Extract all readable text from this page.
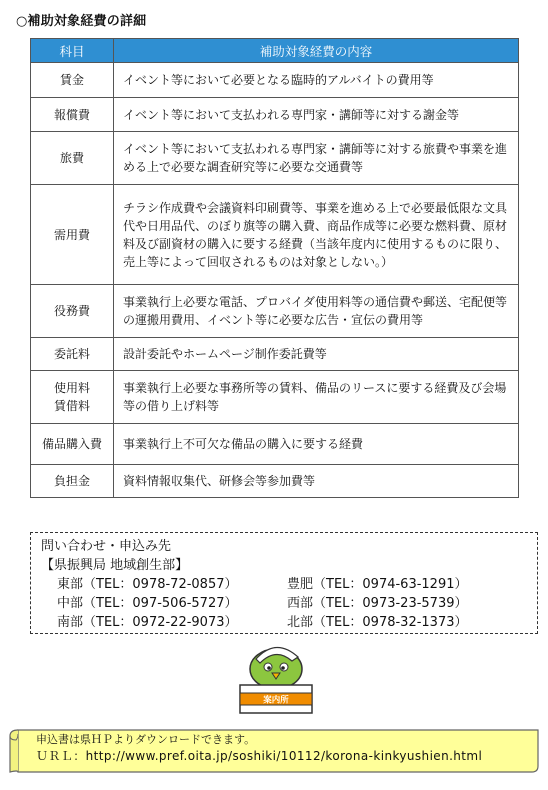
○補助対象経費の詳細
科目	補助対象経費の内容
賃金	イベント等において必要となる臨時的アルバイトの費用等
報償費	イベント等において支払われる専門家・講師等に対する謝金等
旅費	イベント等において支払われる専門家・講師等に対する旅費や事業を進める上で必要な調査研究等に必要な交通費等
需用費	チラシ作成費や会議資料印刷費等、事業を進める上で必要最低限な文具代や日用品代、のぼり旗等の購入費、商品作成等に必要な燃料費、原材料及び副資材の購入に要する経費（当該年度内に使用するものに限り、売上等によって回収されるものは対象としない。）
役務費	事業執行上必要な電話、プロバイダ使用料等の通信費や郵送、宅配便等の運搬用費用、イベント等に必要な広告・宣伝の費用等
委託料	設計委託やホームページ制作委託費等
使用料
賃借料	事業執行上必要な事務所等の賃料、備品のリースに要する経費及び会場等の借り上げ料等
備品購入費	事業執行上不可欠な備品の購入に要する経費
負担金	資料情報収集代、研修会等参加費等
問い合わせ・申込み先
【県振興局 地域創生部】
東部（TEL：0978-72-0857）	豊肥（TEL：0974-63-1291）
中部（TEL：097-506-5727）	西部（TEL：0973-23-5739）
南部（TEL：0972-22-9073）	北部（TEL：0978-32-1373）
案内所
申込書は県ＨＰよりダウンロードできます。
ＵＲＬ：http://www.pref.oita.jp/soshiki/10112/korona-kinkyushien.html
